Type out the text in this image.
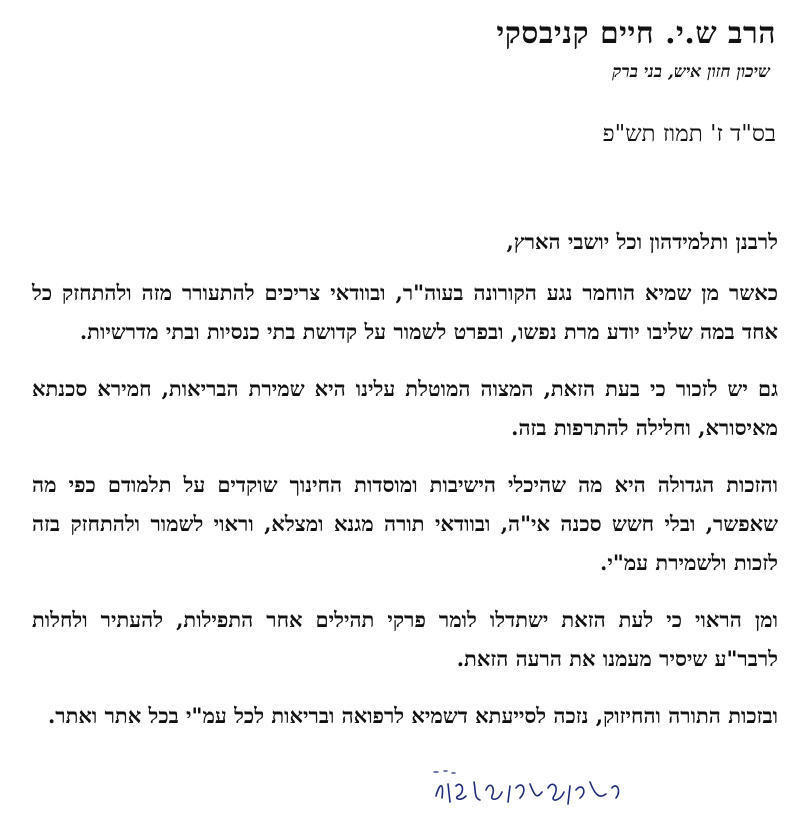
הרב ש.י. חיים קניבסקי
שיכון חזון איש, בני ברק
בס"ד ז' תמוז תש"פ

לרבנן ותלמידהון וכל יושבי הארץ,

כאשר מן שמיא הוחמר נגע הקורונה בעוה"ר, ובוודאי צריכים להתעורר מזה ולהתחזק כל אחד במה שליבו יודע מרת נפשו, ובפרט לשמור על קדושת בתי כנסיות ובתי מדרשיות.

גם יש לזכור כי בעת הזאת, המצוה המוטלת עלינו היא שמירת הבריאות, חמירא סכנתא מאיסורא, וחלילה להתרפות בזה.

והזכות הגדולה היא מה שהיכלי הישיבות ומוסדות החינוך שוקדים על תלמודם כפי מה שאפשר, ובלי חשש סכנה אי"ה, ובוודאי תורה מגנא ומצלא, וראוי לשמור ולהתחזק בזה לזכות ולשמירת עמ"י.

ומן הראוי כי לעת הזאת ישתדלו לומר פרקי תהילים אחר התפילות, להעתיר ולחלות לרבר"ע שיסיר מעמנו את הרעה הזאת.

ובזכות התורה והחיזוק, נזכה לסייעתא דשמיא לרפואה ובריאות לכל עמ"י בכל אתר ואתר.
